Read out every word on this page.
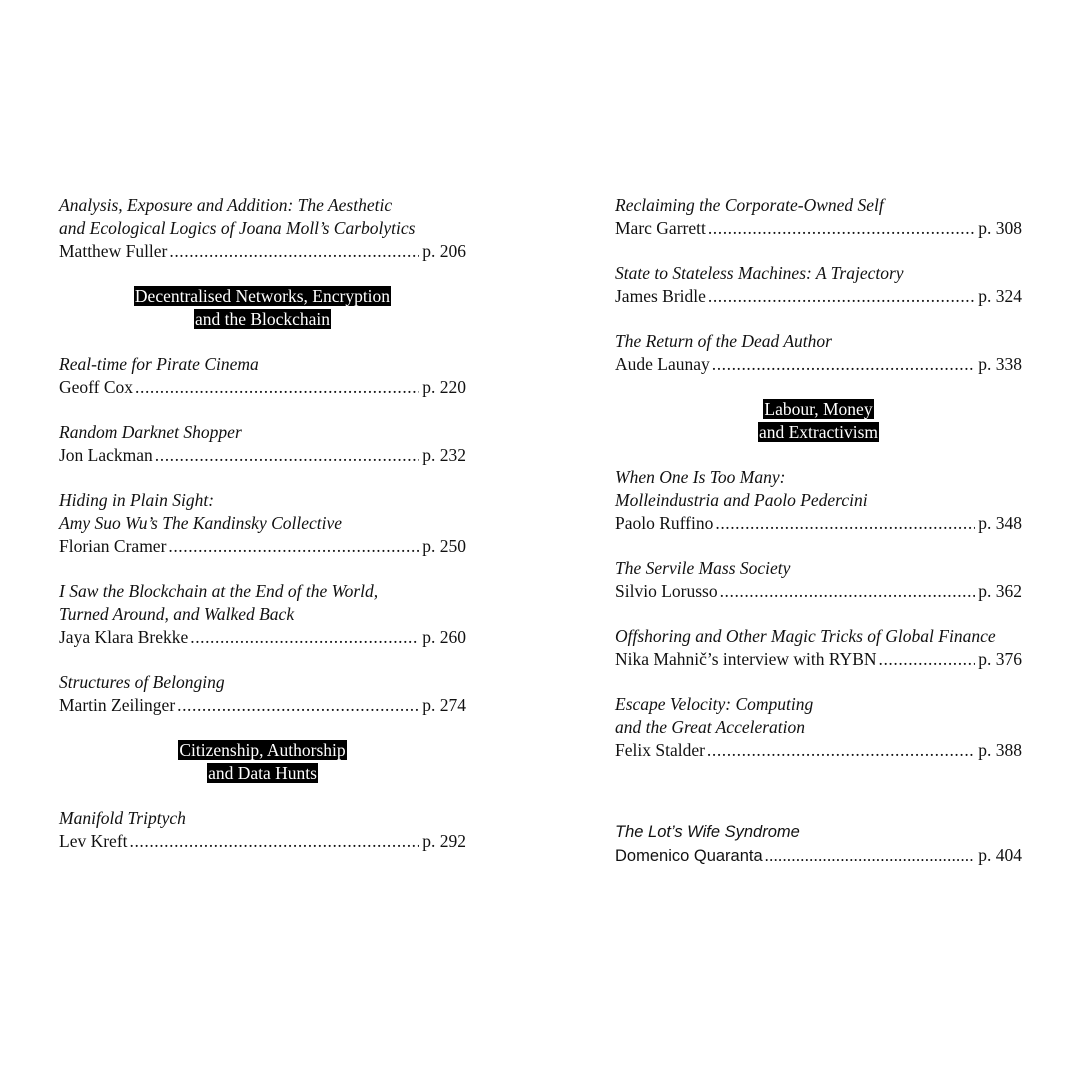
Analysis, Exposure and Addition: The Aesthetic
and Ecological Logics of Joana Moll’s Carbolytics
Matthew Fuller . . .	p. 206
Decentralised Networks, Encryption
and the Blockchain
Real-time for Pirate Cinema
Geoff Cox . . .	p. 220
Random Darknet Shopper
Jon Lackman . . .	p. 232
Hiding in Plain Sight:
Amy Suo Wu’s The Kandinsky Collective
Florian Cramer . . .	p. 250
I Saw the Blockchain at the End of the World,
Turned Around, and Walked Back
Jaya Klara Brekke . . .	p. 260
Structures of Belonging
Martin Zeilinger . . .	p. 274
Citizenship, Authorship
and Data Hunts
Manifold Triptych
Lev Kreft . . .	p. 292
Reclaiming the Corporate-Owned Self
Marc Garrett . . .	p. 308
State to Stateless Machines: A Trajectory
James Bridle . . .	p. 324
The Return of the Dead Author
Aude Launay . . .	p. 338
Labour, Money
and Extractivism
When One Is Too Many:
Molleindustria and Paolo Pedercini
Paolo Ruffino . . .	p. 348
The Servile Mass Society
Silvio Lorusso . . .	p. 362
Offshoring and Other Magic Tricks of Global Finance
Nika Mahnič’s interview with RYBN . . .	p. 376
Escape Velocity: Computing
and the Great Acceleration
Felix Stalder . . .	p. 388
The Lot’s Wife Syndrome
Domenico Quaranta . . .	p. 404
